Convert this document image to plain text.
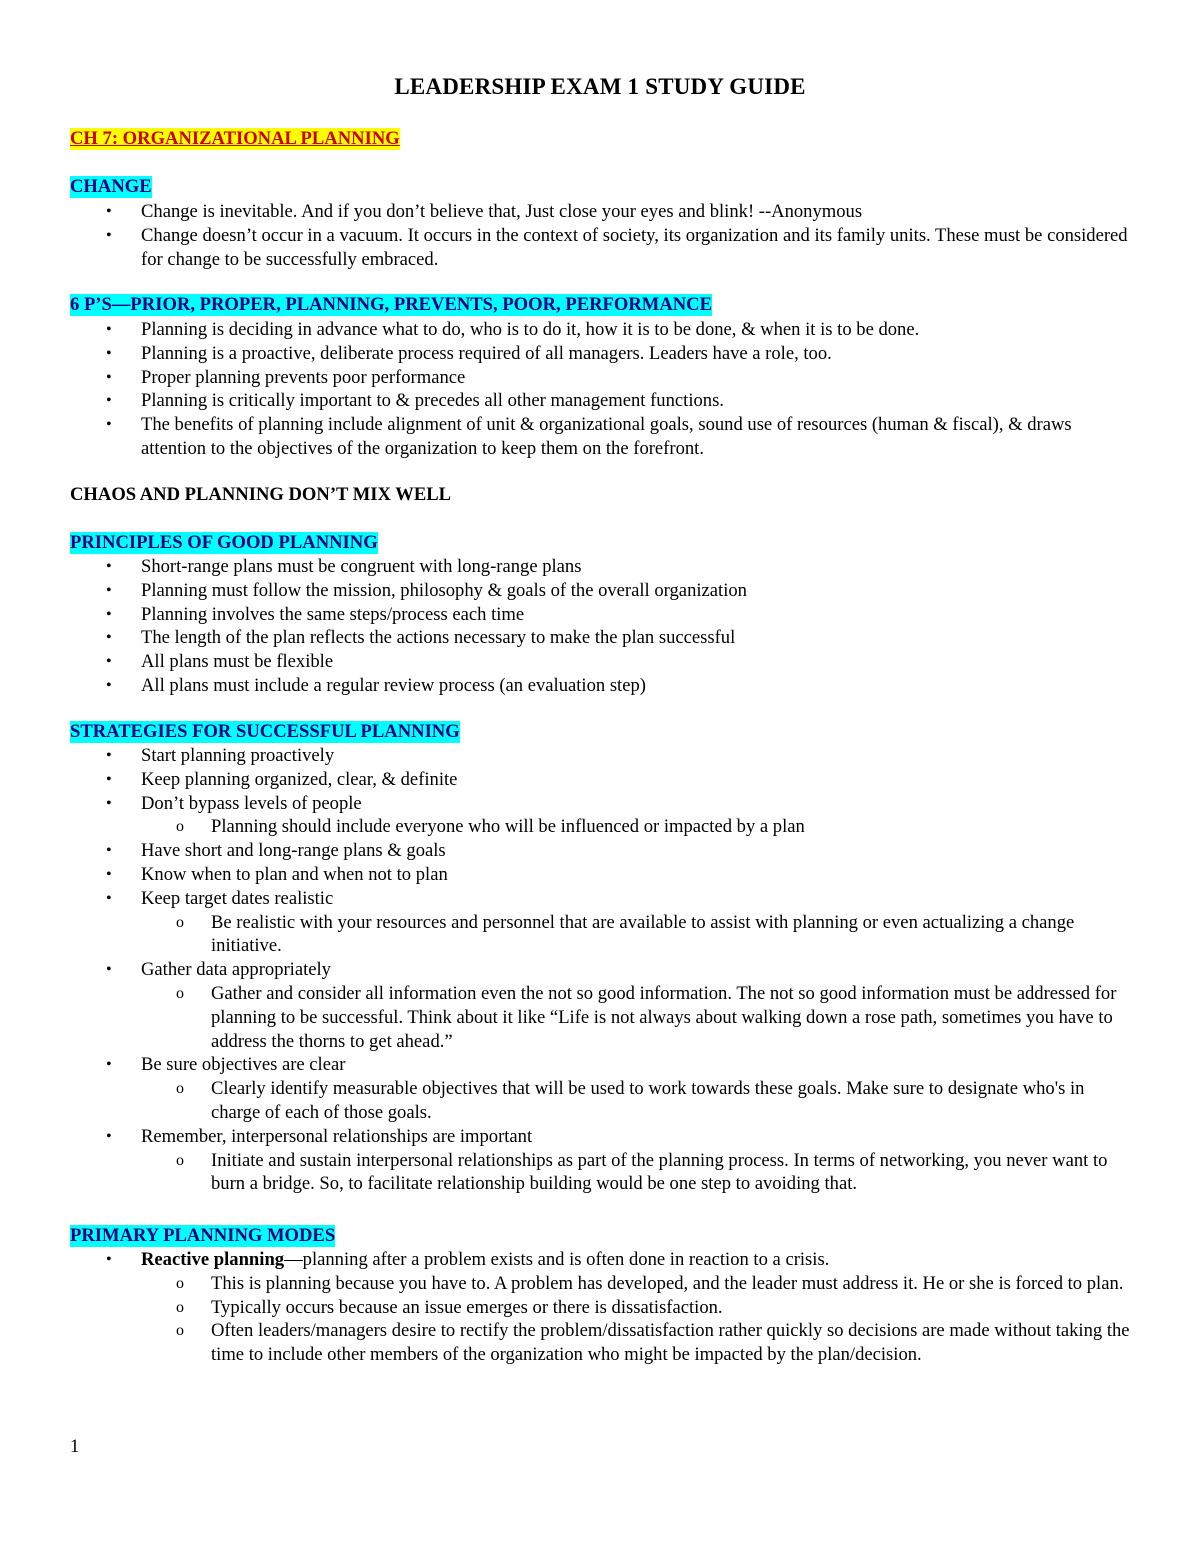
LEADERSHIP EXAM 1 STUDY GUIDE
CH 7: ORGANIZATIONAL PLANNING
CHANGE
• Change is inevitable. And if you don’t believe that, Just close your eyes and blink! --Anonymous
• Change doesn’t occur in a vacuum. It occurs in the context of society, its organization and its family units. These must be considered for change to be successfully embraced.
6 P’S—PRIOR, PROPER, PLANNING, PREVENTS, POOR, PERFORMANCE
• Planning is deciding in advance what to do, who is to do it, how it is to be done, & when it is to be done.
• Planning is a proactive, deliberate process required of all managers. Leaders have a role, too.
• Proper planning prevents poor performance
• Planning is critically important to & precedes all other management functions.
• The benefits of planning include alignment of unit & organizational goals, sound use of resources (human & fiscal), & draws attention to the objectives of the organization to keep them on the forefront.
CHAOS AND PLANNING DON’T MIX WELL
PRINCIPLES OF GOOD PLANNING
• Short-range plans must be congruent with long-range plans
• Planning must follow the mission, philosophy & goals of the overall organization
• Planning involves the same steps/process each time
• The length of the plan reflects the actions necessary to make the plan successful
• All plans must be flexible
• All plans must include a regular review process (an evaluation step)
STRATEGIES FOR SUCCESSFUL PLANNING
• Start planning proactively
• Keep planning organized, clear, & definite
• Don’t bypass levels of people
o Planning should include everyone who will be influenced or impacted by a plan
• Have short and long-range plans & goals
• Know when to plan and when not to plan
• Keep target dates realistic
o Be realistic with your resources and personnel that are available to assist with planning or even actualizing a change initiative.
• Gather data appropriately
o Gather and consider all information even the not so good information. The not so good information must be addressed for planning to be successful. Think about it like “Life is not always about walking down a rose path, sometimes you have to address the thorns to get ahead.”
• Be sure objectives are clear
o Clearly identify measurable objectives that will be used to work towards these goals. Make sure to designate who's in charge of each of those goals.
• Remember, interpersonal relationships are important
o Initiate and sustain interpersonal relationships as part of the planning process. In terms of networking, you never want to burn a bridge. So, to facilitate relationship building would be one step to avoiding that.
PRIMARY PLANNING MODES
• Reactive planning—planning after a problem exists and is often done in reaction to a crisis.
o This is planning because you have to. A problem has developed, and the leader must address it. He or she is forced to plan.
o Typically occurs because an issue emerges or there is dissatisfaction.
o Often leaders/managers desire to rectify the problem/dissatisfaction rather quickly so decisions are made without taking the time to include other members of the organization who might be impacted by the plan/decision.
1
